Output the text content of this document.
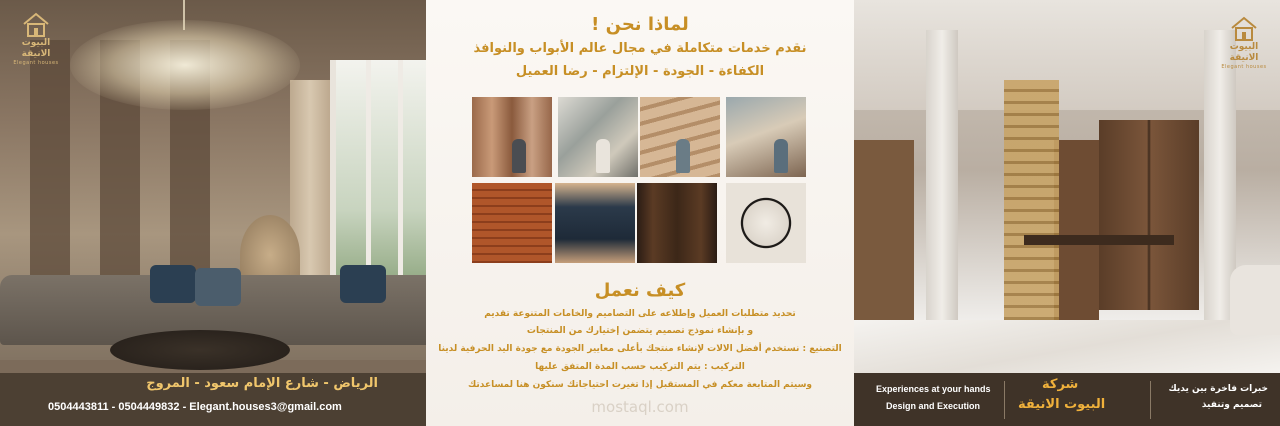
البيوت الانيقة
Elegant houses
الرياض - شارع الإمام سعود - المروج
0504443811 - 0504449832 - Elegant.houses3@gmail.com
لماذا نحن !
نقدم خدمات متكاملة في مجال عالم الأبواب والنوافذ
الكفاءة - الجودة - الإلتزام - رضا العميل
كيف نعمل
تحديد متطلبات العميل وإطلاعه على التصاميم والخامات المتنوعة تقديم
و بإنشاء نموذج تصميم يتضمن إختيارك من المنتجات
التصنيع : نستخدم أفضل الالات لإنشاء منتجك بأعلى معايير الجودة مع جودة اليد الحرفية لدينا
التركيب : يتم التركيب حسب المدة المتفق عليها
وسيتم المتابعة معكم في المستقبل إذا تغيرت احتياجاتك سنكون هنا لمساعدتك
mostaql.com
البيوت الانيقة
Elegant houses
Experiences at your hands
Design and Execution
شركة
البيوت الانيقة
خبرات فاخرة بين يديك
تصميم وتنفيذ
